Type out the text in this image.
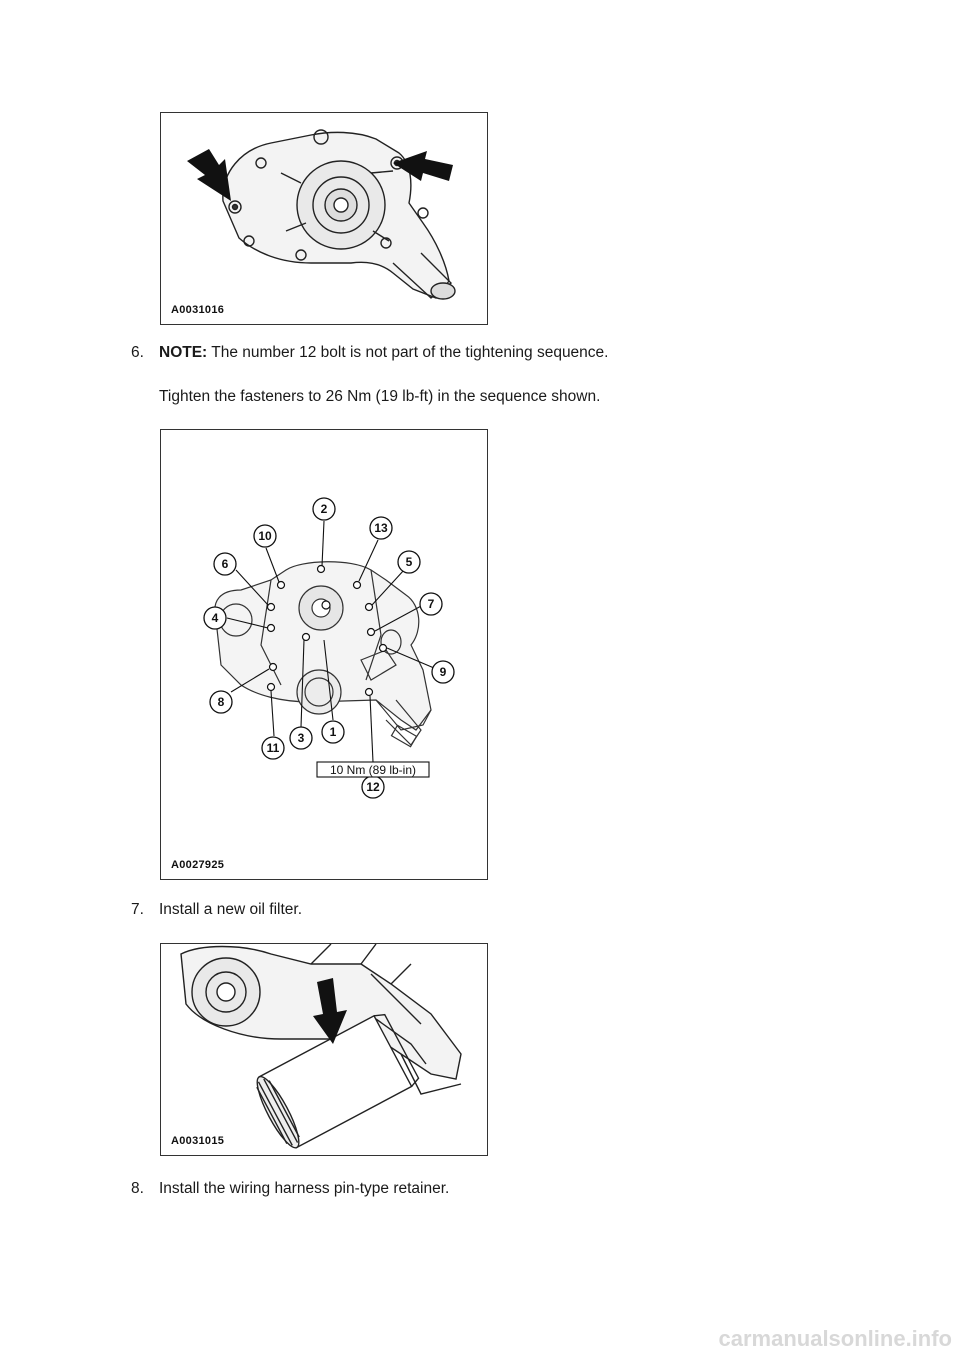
A0031016
6. NOTE: The number 12 bolt is not part of the tightening sequence.
Tighten the fasteners to 26 Nm (19 lb-ft) in the sequence shown.
1
2
3
4
5
6
7
8
9
10
11
12
13
10 Nm (89 lb-in)
A0027925
7. Install a new oil filter.
A0031015
8. Install the wiring harness pin-type retainer.
carmanualsonline.info
